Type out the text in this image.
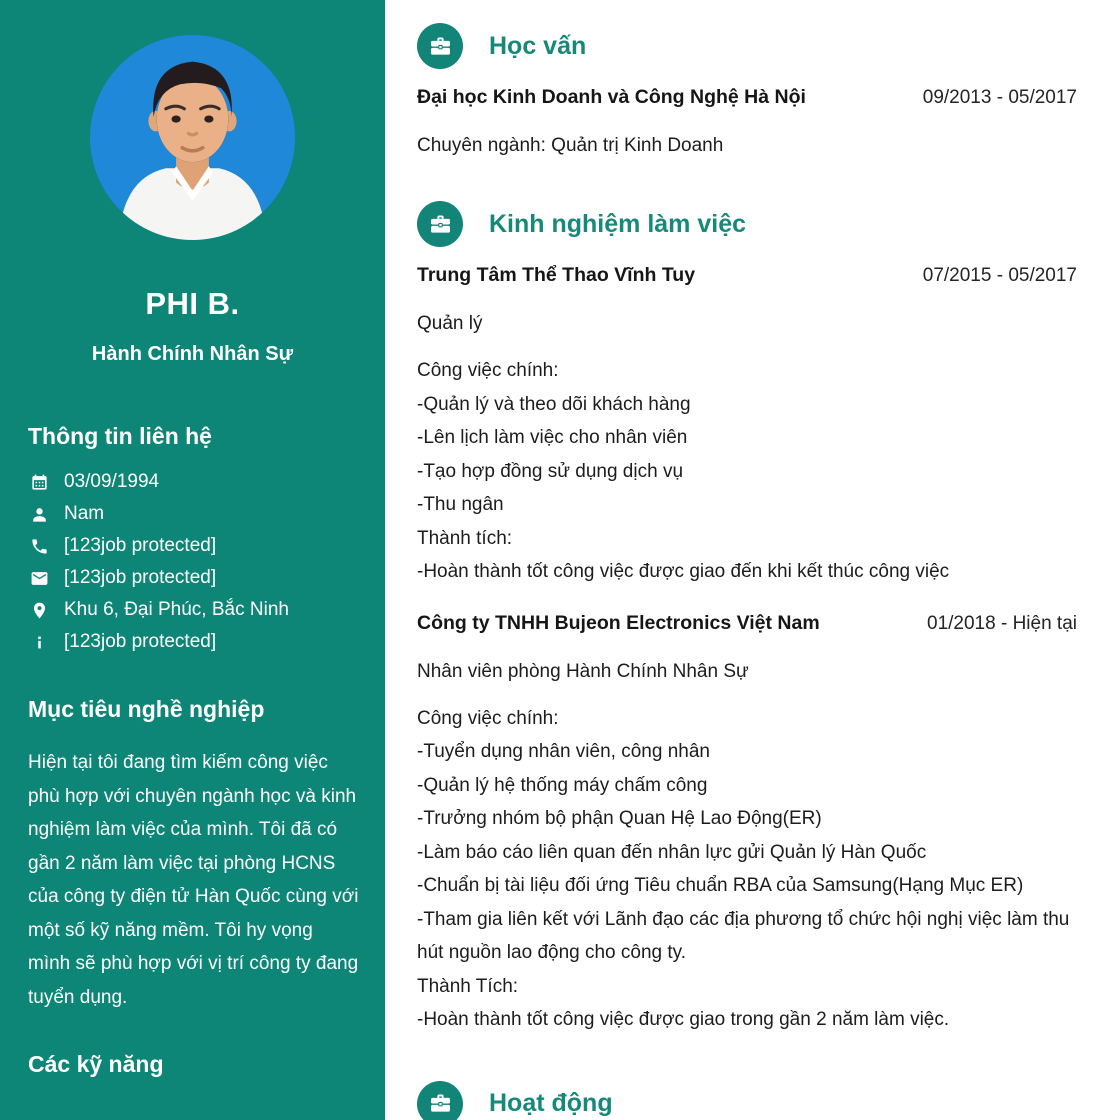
PHI B.
Hành Chính Nhân Sự
Thông tin liên hệ
03/09/1994
Nam
[123job protected]
[123job protected]
Khu 6, Đại Phúc, Bắc Ninh
[123job protected]
Mục tiêu nghề nghiệp

Hiện tại tôi đang tìm kiếm công việc phù hợp với chuyên ngành học và kinh nghiệm làm việc của mình. Tôi đã có gần 2 năm làm việc tại phòng HCNS của công ty điện tử Hàn Quốc cùng với một số kỹ năng mềm. Tôi hy vọng mình sẽ phù hợp với vị trí công ty đang tuyển dụng.

Các kỹ năng
Học vấn
Đại học Kinh Doanh và Công Nghệ Hà Nội	09/2013 - 05/2017
Chuyên ngành: Quản trị Kinh Doanh
Kinh nghiệm làm việc
Trung Tâm Thể Thao Vĩnh Tuy	07/2015 - 05/2017
Quản lý
Công việc chính:
-Quản lý và theo dõi khách hàng
-Lên lịch làm việc cho nhân viên
-Tạo hợp đồng sử dụng dịch vụ
-Thu ngân
Thành tích:
-Hoàn thành tốt công việc được giao đến khi kết thúc công việc
Công ty TNHH Bujeon Electronics Việt Nam	01/2018 - Hiện tại
Nhân viên phòng Hành Chính Nhân Sự
Công việc chính:
-Tuyển dụng nhân viên, công nhân
-Quản lý hệ thống máy chấm công
-Trưởng nhóm bộ phận Quan Hệ Lao Động(ER)
-Làm báo cáo liên quan đến nhân lực gửi Quản lý Hàn Quốc
-Chuẩn bị tài liệu đối ứng Tiêu chuẩn RBA của Samsung(Hạng Mục ER)
-Tham gia liên kết với Lãnh đạo các địa phương tổ chức hội nghị việc làm thu hút nguồn lao động cho công ty.
Thành Tích:
-Hoàn thành tốt công việc được giao trong gần 2 năm làm việc.
Hoạt động
